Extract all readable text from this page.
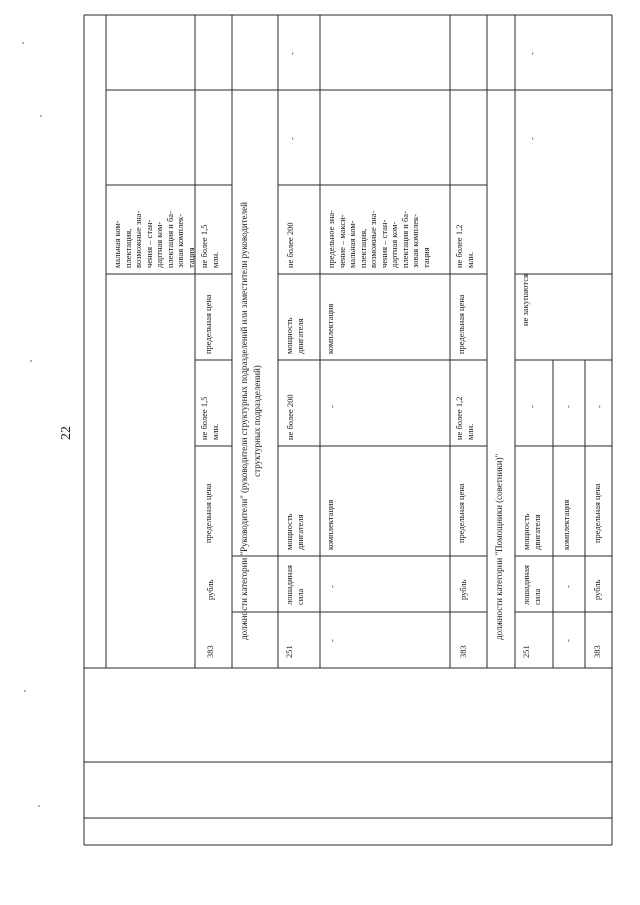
22
мальная ком-
плектация,
возможные зна-
чения – стан-
дартная ком-
плектация и ба-
зовая комплек-
тация
383
рубль
предельная цена
не более 1,5
млн.
предельная цена
не более 1,5
млн.
должности категории "Руководители" (руководители структурных подразделений или заместители руководителей
структурных подразделений)
251
лошадиная
сила
мощность
двигателя
не более 200
мощность
двигателя
не более 200
-
-
-
-
комплектация
-
комплектация
предельное зна-
чение – макси-
мальная ком-
плектация,
возможные зна-
чения – стан-
дартная ком-
плектация и ба-
зовая комплек-
тация
383
рубль
предельная цена
не более 1,2
млн.
предельная цена
не более 1,2
млн.
должности категории "Помощники (советники)"
251
лошадиная
сила
мощность
двигателя
-
не закупаются
-
-
-
-
комплектация
-
383
рубль
предельная цена
-
